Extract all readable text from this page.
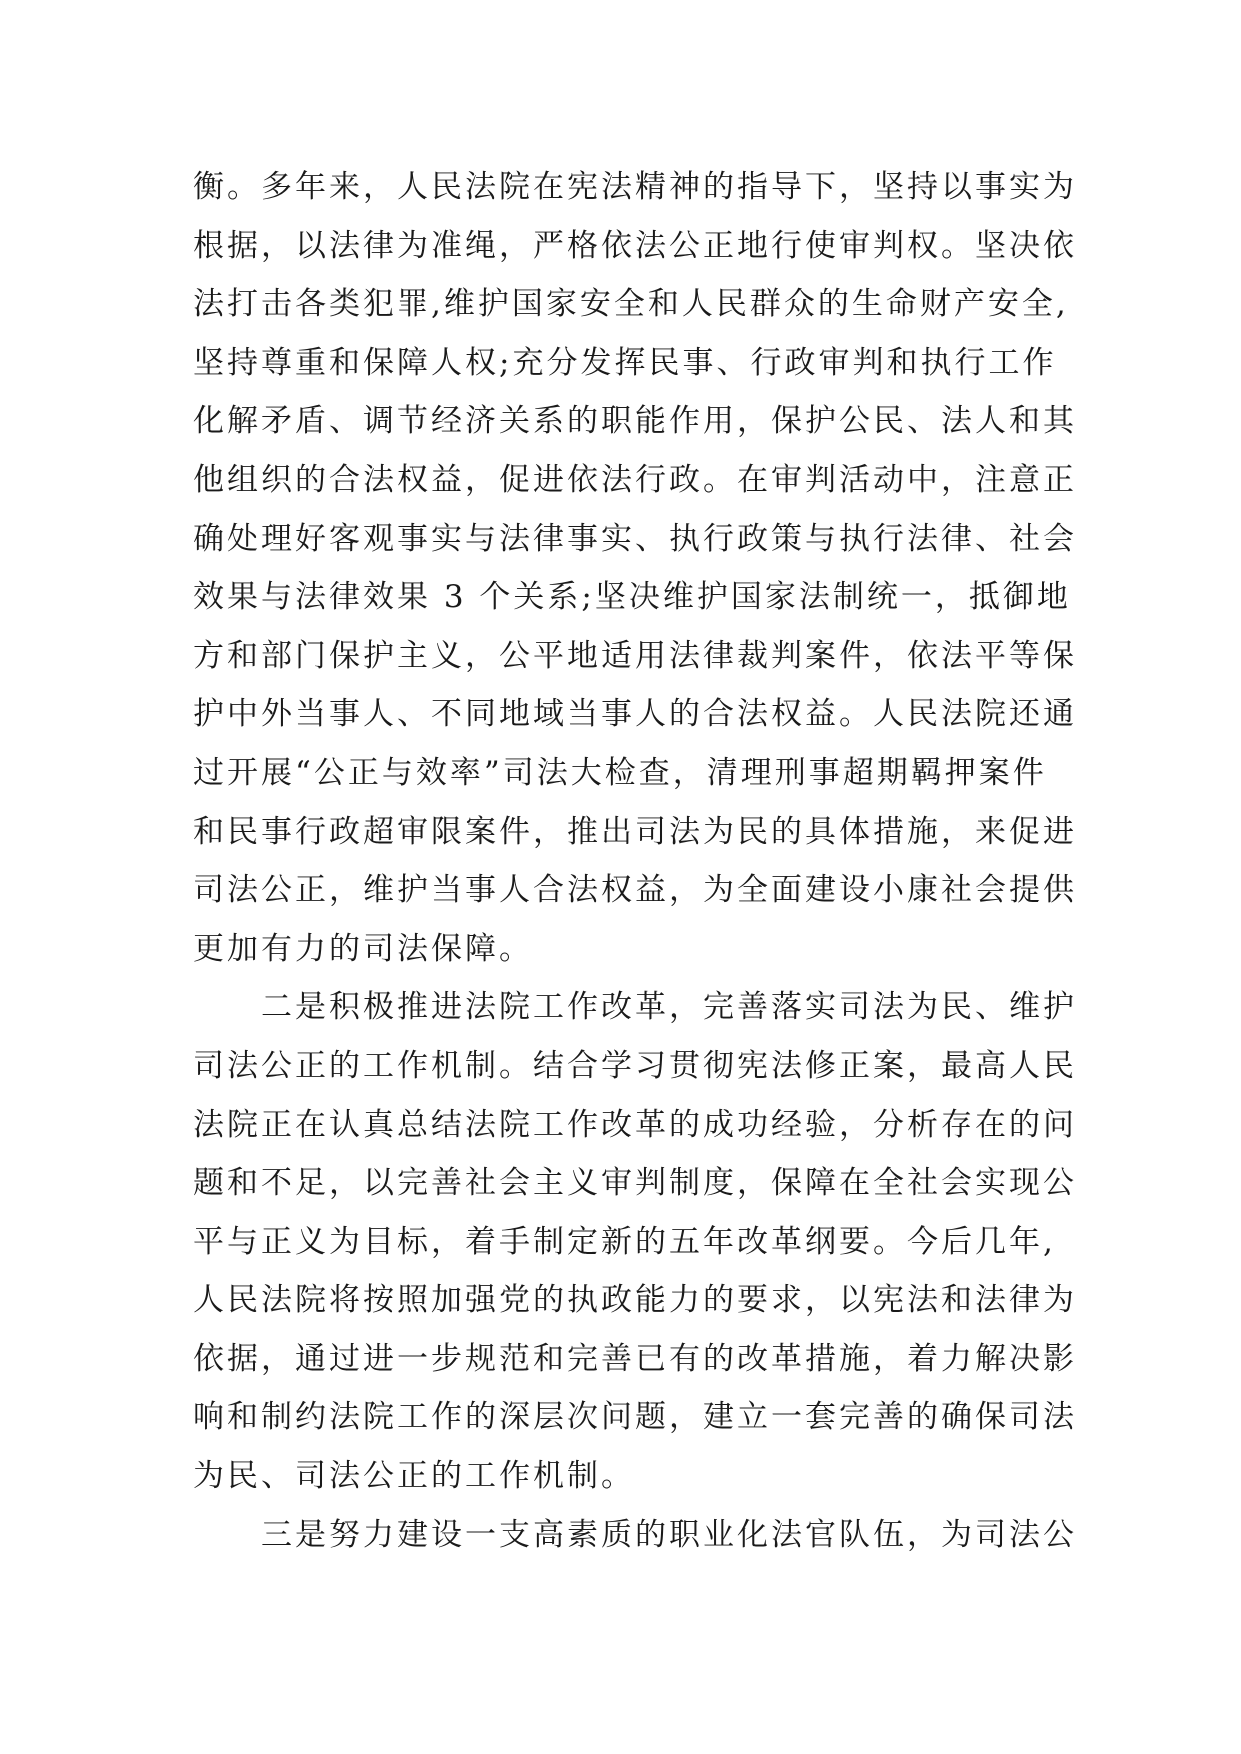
衡。多年来，人民法院在宪法精神的指导下，坚持以事实为
根据，以法律为准绳，严格依法公正地行使审判权。坚决依
法打击各类犯罪,维护国家安全和人民群众的生命财产安全,
坚持尊重和保障人权;充分发挥民事、行政审判和执行工作
化解矛盾、调节经济关系的职能作用，保护公民、法人和其
他组织的合法权益，促进依法行政。在审判活动中，注意正
确处理好客观事实与法律事实、执行政策与执行法律、社会
效果与法律效果 3 个关系;坚决维护国家法制统一，抵御地
方和部门保护主义，公平地适用法律裁判案件，依法平等保
护中外当事人、不同地域当事人的合法权益。人民法院还通
过开展“公正与效率”司法大检查，清理刑事超期羁押案件
和民事行政超审限案件，推出司法为民的具体措施，来促进
司法公正，维护当事人合法权益，为全面建设小康社会提供
更加有力的司法保障。
　　二是积极推进法院工作改革，完善落实司法为民、维护
司法公正的工作机制。结合学习贯彻宪法修正案，最高人民
法院正在认真总结法院工作改革的成功经验，分析存在的问
题和不足，以完善社会主义审判制度，保障在全社会实现公
平与正义为目标，着手制定新的五年改革纲要。今后几年,
人民法院将按照加强党的执政能力的要求，以宪法和法律为
依据，通过进一步规范和完善已有的改革措施，着力解决影
响和制约法院工作的深层次问题，建立一套完善的确保司法
为民、司法公正的工作机制。
　　三是努力建设一支高素质的职业化法官队伍，为司法公
